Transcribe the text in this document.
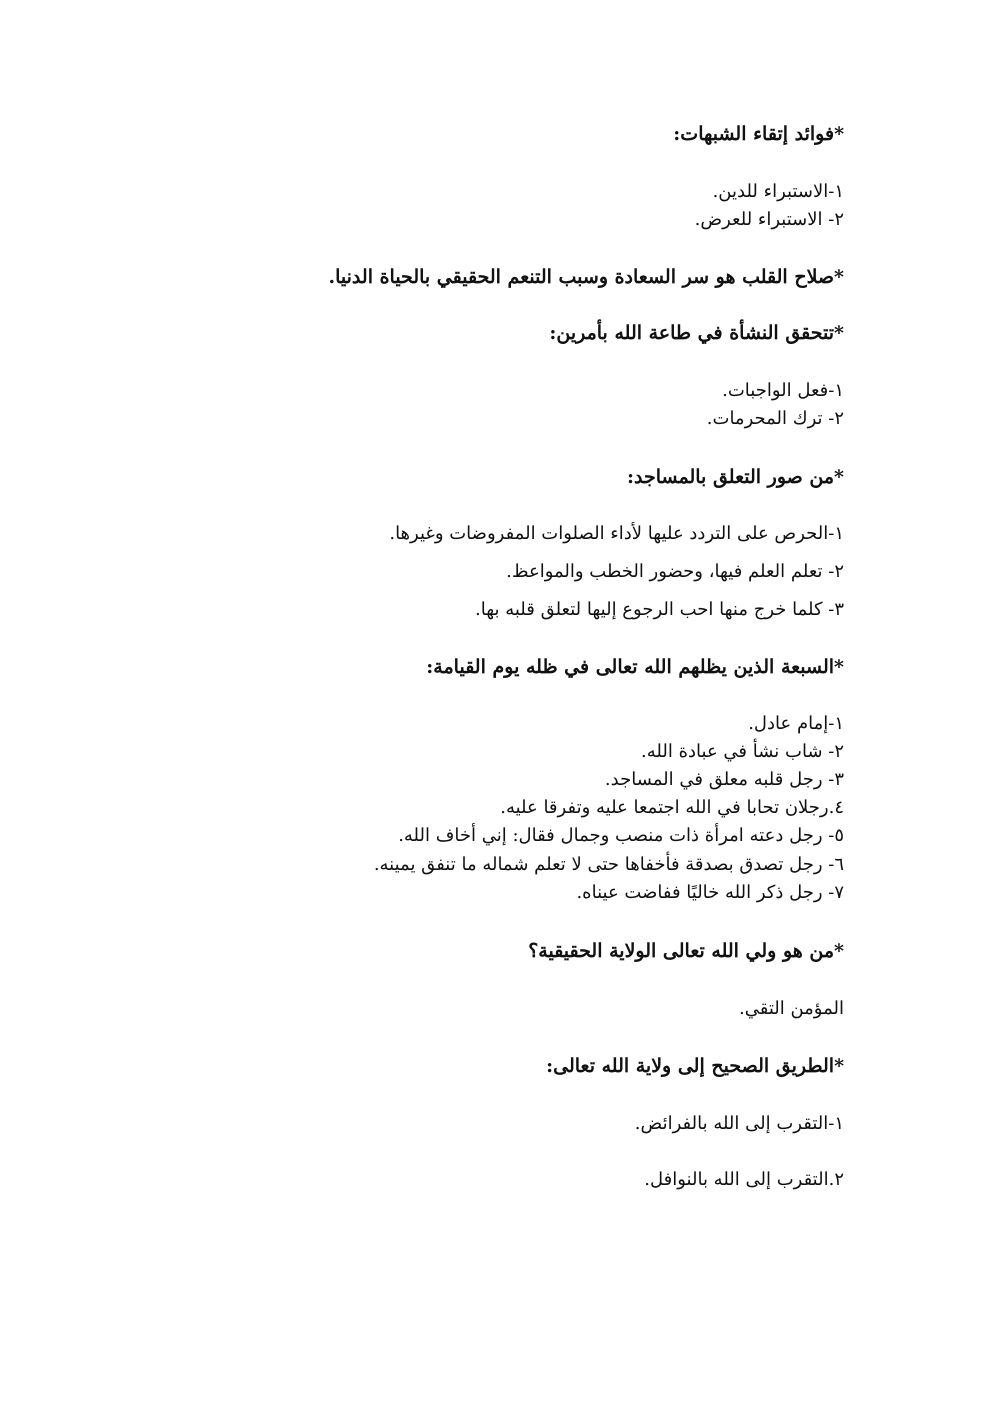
*فوائد إتقاء الشبهات:
١-الاستبراء للدين.
٢- الاستبراء للعرض.
*صلاح القلب هو سر السعادة وسبب التنعم الحقيقي بالحياة الدنيا.
*تتحقق النشأة في طاعة الله بأمرين:
١-فعل الواجبات.
٢- ترك المحرمات.
*من صور التعلق بالمساجد:
١-الحرص على التردد عليها لأداء الصلوات المفروضات وغيرها.
٢- تعلم العلم فيها، وحضور الخطب والمواعظ.
٣- كلما خرج منها احب الرجوع إليها لتعلق قلبه بها.
*السبعة الذين يظلهم الله تعالى في ظله يوم القيامة:
١-إمام عادل.
٢- شاب نشأ في عبادة الله.
٣- رجل قلبه معلق في المساجد.
٤.رجلان تحابا في الله اجتمعا عليه وتفرقا عليه.
٥- رجل دعته امرأة ذات منصب وجمال فقال: إني أخاف الله.
٦- رجل تصدق بصدقة فأخفاها حتى لا تعلم شماله ما تنفق يمينه.
٧- رجل ذكر الله خاليًا ففاضت عيناه.
*من هو ولي الله تعالى الولاية الحقيقية؟
المؤمن التقي.
*الطريق الصحيح إلى ولاية الله تعالى:
١-التقرب إلى الله بالفرائض.
٢.التقرب إلى الله بالنوافل.
